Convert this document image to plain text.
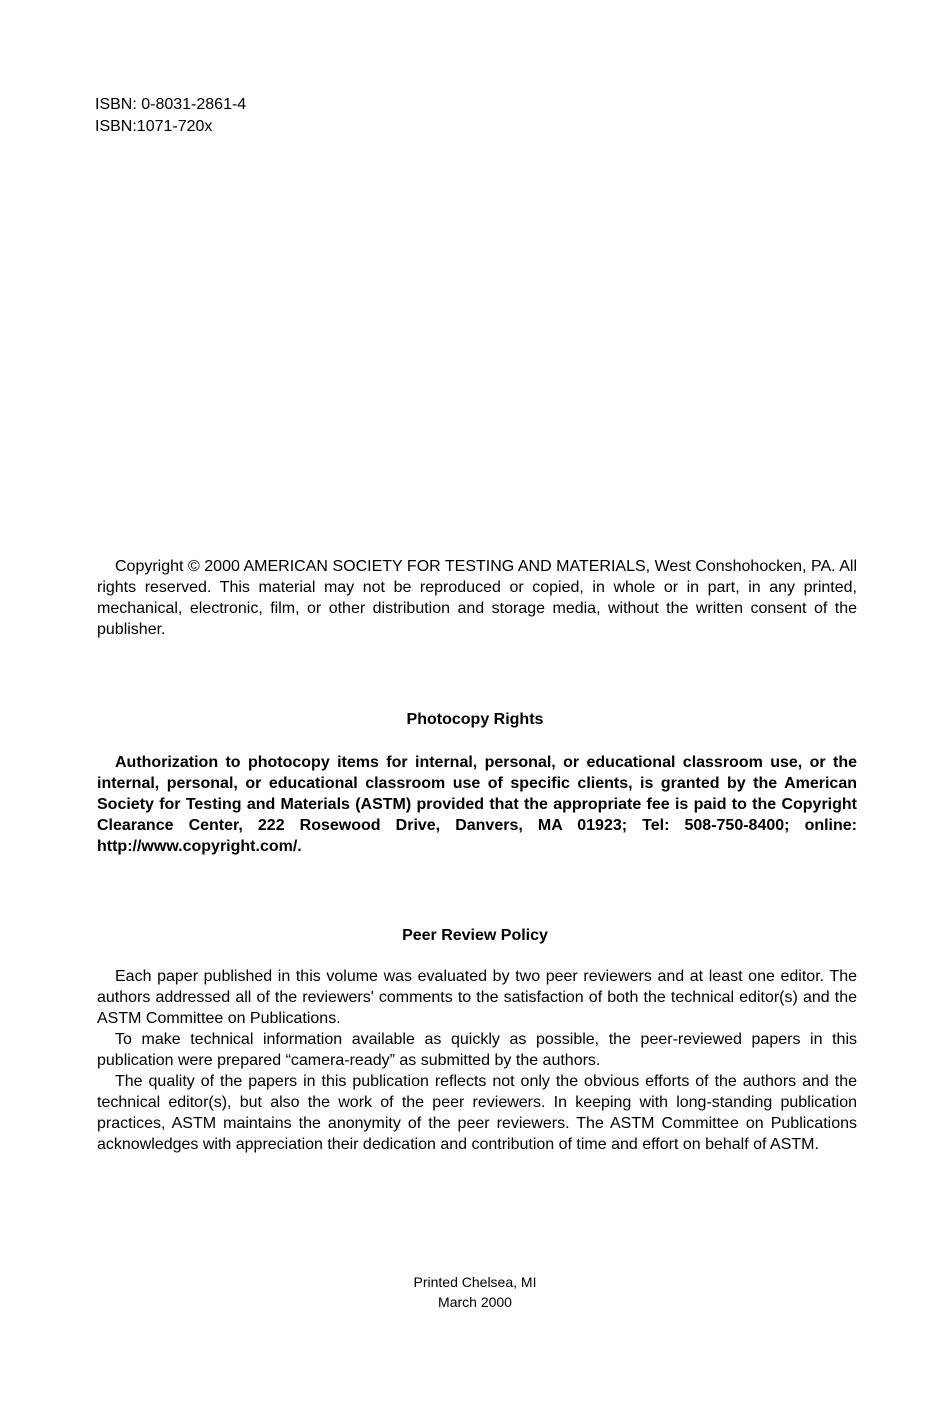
ISBN: 0-8031-2861-4
ISBN:1071-720x

Copyright © 2000 AMERICAN SOCIETY FOR TESTING AND MATERIALS, West Conshohocken, PA. All rights reserved. This material may not be reproduced or copied, in whole or in part, in any printed, mechanical, electronic, film, or other distribution and storage media, without the written consent of the publisher.

Photocopy Rights

Authorization to photocopy items for internal, personal, or educational classroom use, or the internal, personal, or educational classroom use of specific clients, is granted by the American Society for Testing and Materials (ASTM) provided that the appropriate fee is paid to the Copyright Clearance Center, 222 Rosewood Drive, Danvers, MA 01923; Tel: 508-750-8400; online: http://www.copyright.com/.

Peer Review Policy

Each paper published in this volume was evaluated by two peer reviewers and at least one editor. The authors addressed all of the reviewers' comments to the satisfaction of both the technical editor(s) and the ASTM Committee on Publications.

To make technical information available as quickly as possible, the peer-reviewed papers in this publication were prepared “camera-ready” as submitted by the authors.

The quality of the papers in this publication reflects not only the obvious efforts of the authors and the technical editor(s), but also the work of the peer reviewers. In keeping with long-standing publication practices, ASTM maintains the anonymity of the peer reviewers. The ASTM Committee on Publications acknowledges with appreciation their dedication and contribution of time and effort on behalf of ASTM.

Printed Chelsea, MI
March 2000
